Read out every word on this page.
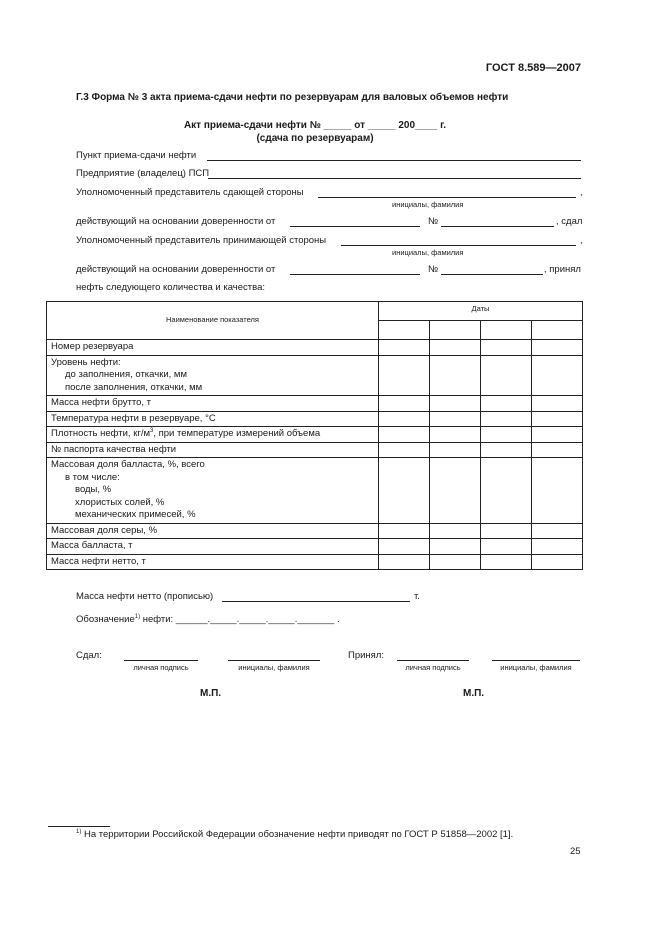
ГОСТ 8.589—2007
Г.3 Форма № 3 акта приема-сдачи нефти по резервуарам для валовых объемов нефти
Акт приема-сдачи нефти № _____ от _____ 200____ г.
(сдача по резервуарам)
Пункт приема-сдачи нефти
Предприятие (владелец) ПСП
Уполномоченный представитель сдающей стороны	,
инициалы, фамилия
действующий на основании доверенности от	№	, сдал
Уполномоченный представитель принимающей стороны	,
инициалы, фамилия
действующий на основании доверенности от	№	, принял
нефть следующего количества и качества:
Наименование показателя	Даты			

Номер резервуара				

Уровень нефти:
до заполнения, откачки, мм
после заполнения, откачки, мм				

Масса нефти брутто, т				
Температура нефти в резервуаре, °С				
Плотность нефти, $кг/м^3$, при температуре измерений объема				
№ паспорта качества нефти				

Массовая доля балласта, %, всего
в том числе:
воды, %
хлористых солей, %
механических примесей, %				

Массовая доля серы, %				
Масса балласта, т				
Масса нефти нетто, т				
Масса нефти нетто (прописью)	т.
Обозначение$^{1)}$ нефти: ______._____._____._____._______ .
Сдал:
личная подпись	инициалы, фамилия
Принял:
личная подпись	инициалы, фамилия
М.П.	М.П.
$^{1)}$ На территории Российской Федерации обозначение нефти приводят по ГОСТ Р 51858—2002 [1].
25
